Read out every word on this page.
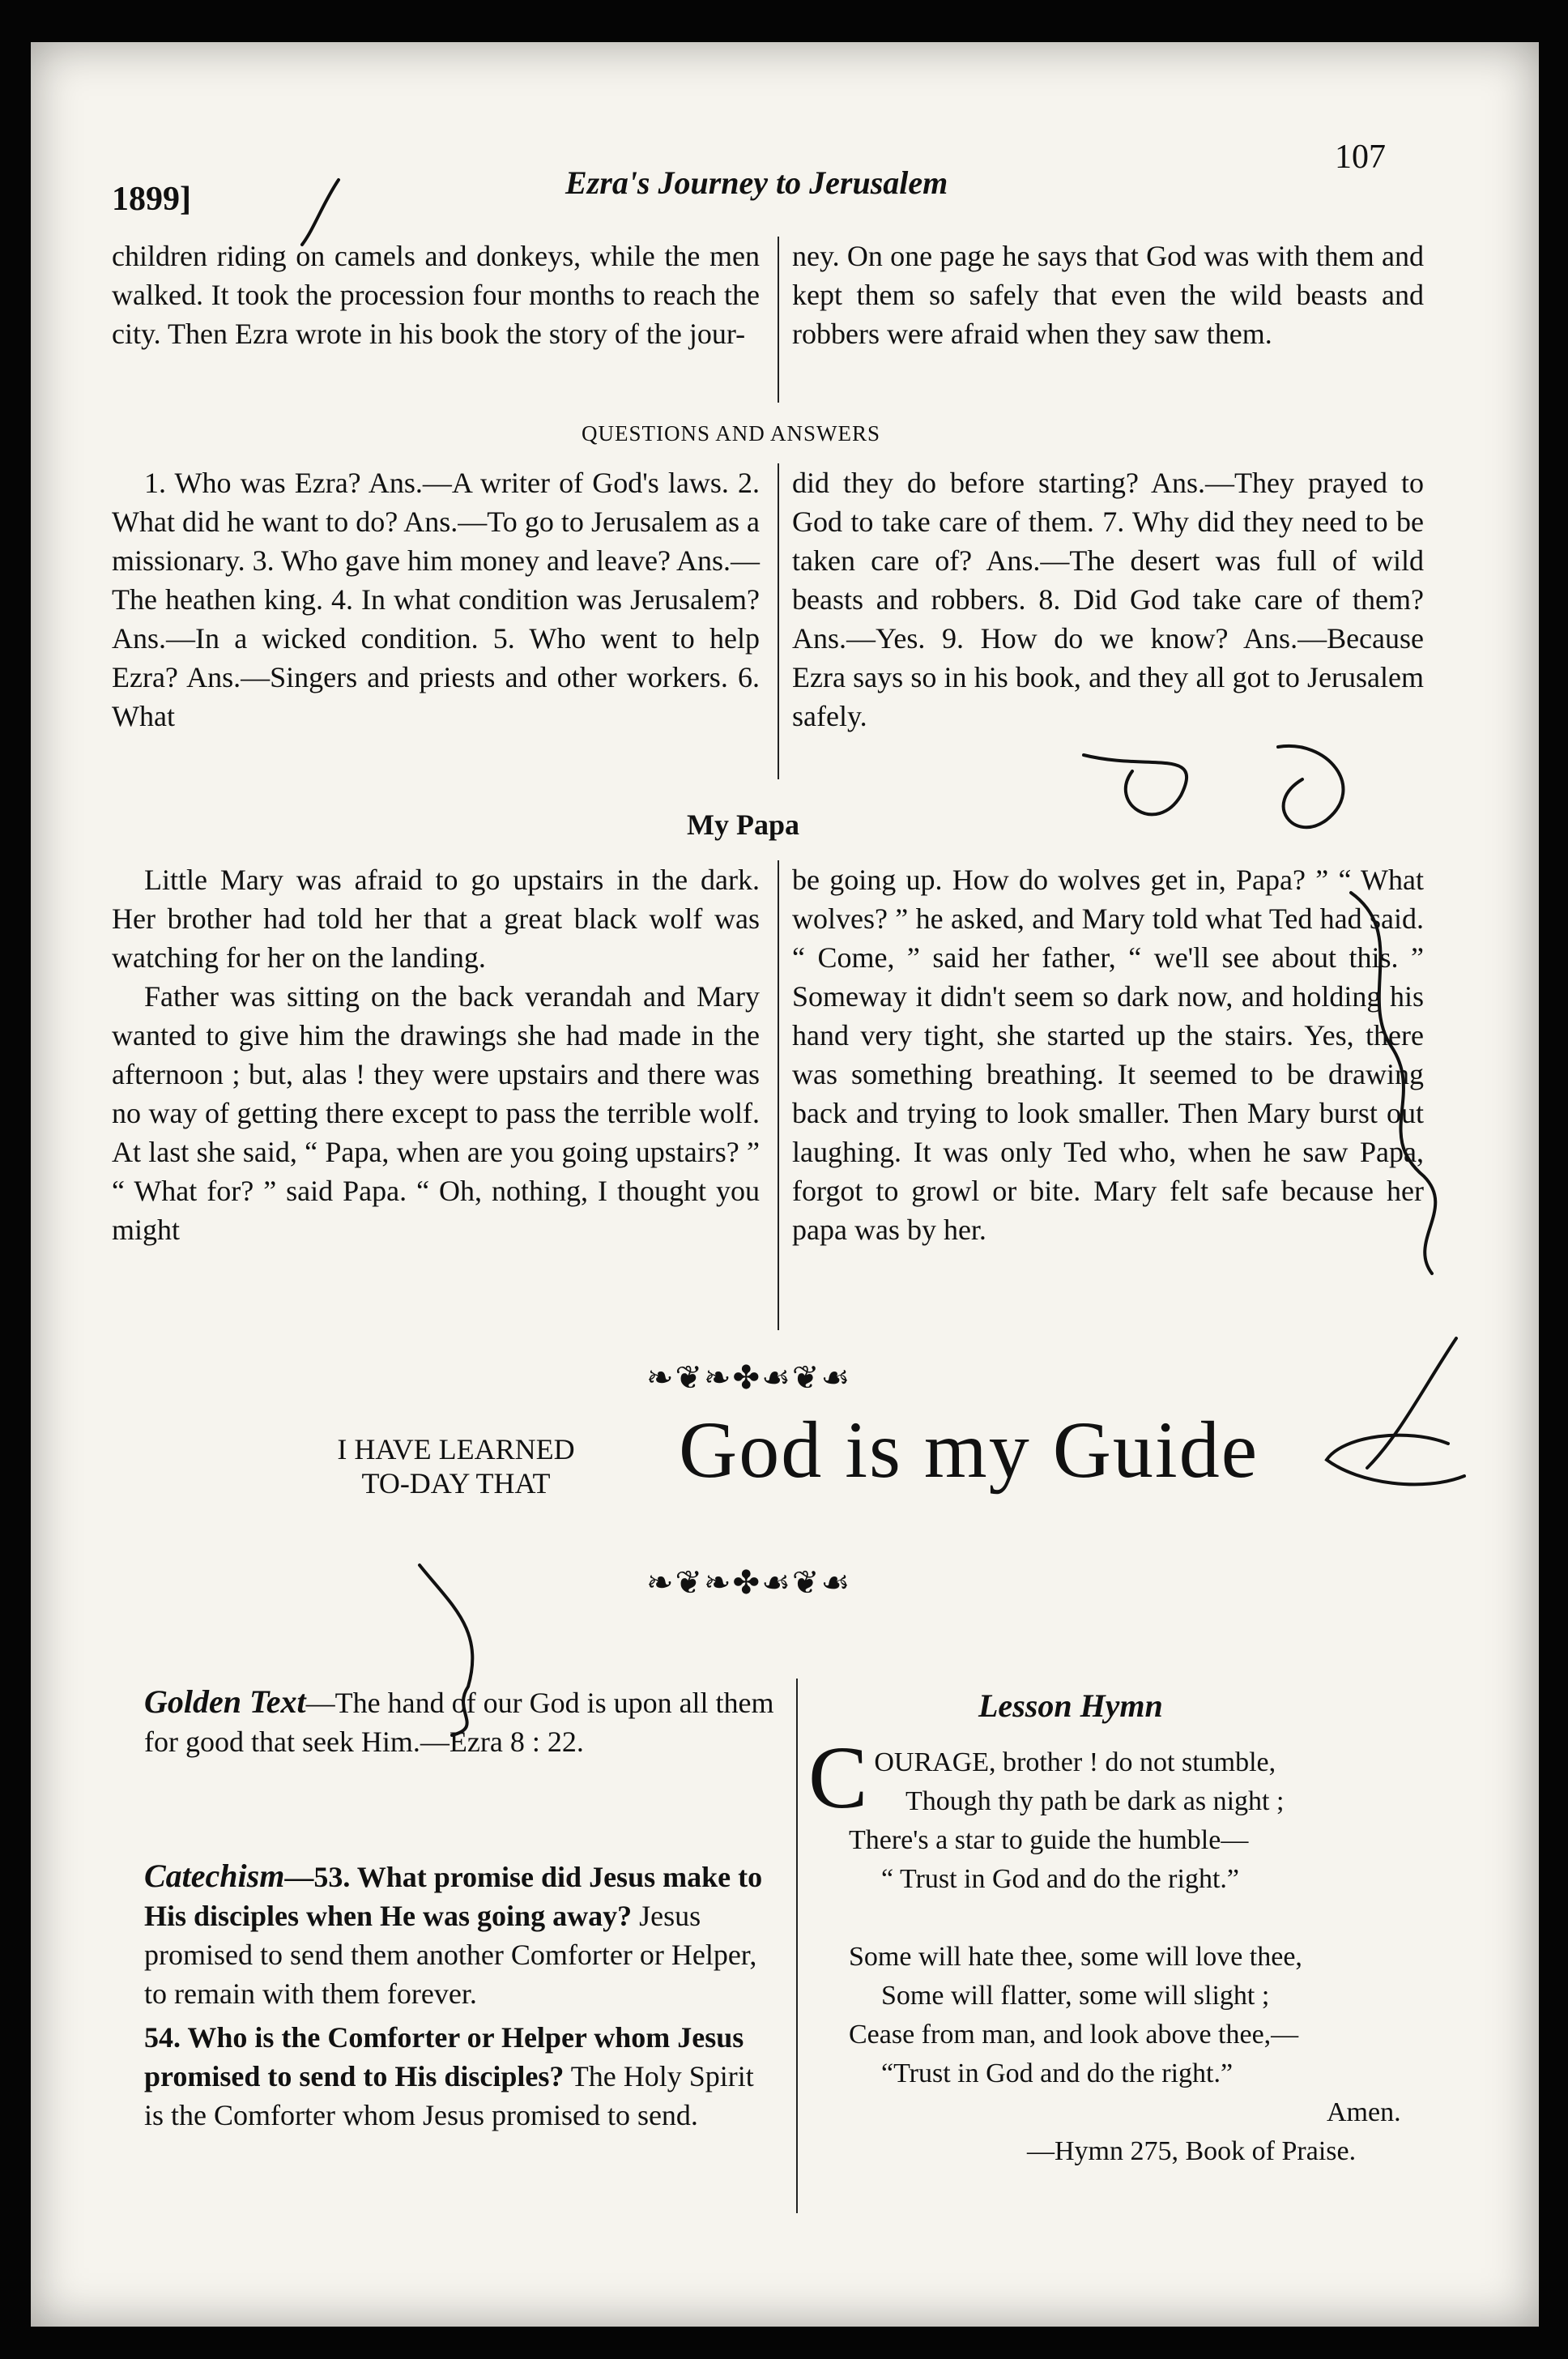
1899]	Ezra's Journey to Jerusalem
107

children riding on camels and donkeys, while the men walked. It took the procession four months to reach the city. Then Ezra wrote in his book the story of the jour-

ney. On one page he says that God was with them and kept them so safely that even the wild beasts and robbers were afraid when they saw them.

QUESTIONS AND ANSWERS

1. Who was Ezra? Ans.—A writer of God's laws. 2. What did he want to do? Ans.—To go to Jerusalem as a missionary. 3. Who gave him money and leave? Ans.—The heathen king. 4. In what condition was Jerusalem? Ans.—In a wicked condition. 5. Who went to help Ezra? Ans.—Singers and priests and other workers. 6. What

did they do before starting? Ans.—They prayed to God to take care of them. 7. Why did they need to be taken care of? Ans.—The desert was full of wild beasts and robbers. 8. Did God take care of them? Ans.—Yes. 9. How do we know? Ans.—Because Ezra says so in his book, and they all got to Jerusalem safely.

My Papa

Little Mary was afraid to go upstairs in the dark. Her brother had told her that a great black wolf was watching for her on the landing.

Father was sitting on the back verandah and Mary wanted to give him the drawings she had made in the afternoon ; but, alas ! they were upstairs and there was no way of getting there except to pass the terrible wolf. At last she said, “ Papa, when are you going upstairs? ” “ What for? ” said Papa. “ Oh, nothing, I thought you might

be going up. How do wolves get in, Papa? ” “ What wolves? ” he asked, and Mary told what Ted had said. “ Come, ” said her father, “ we'll see about this. ” Someway it didn't seem so dark now, and holding his hand very tight, she started up the stairs. Yes, there was something breathing. It seemed to be drawing back and trying to look smaller. Then Mary burst out laughing. It was only Ted who, when he saw Papa, forgot to growl or bite. Mary felt safe because her papa was by her.

❧❦❧✤☙❦☙
I HAVE LEARNED
TO-DAY THAT	God is my Guide
❧❦❧✤☙❦☙

Golden Text—The hand of our God is upon all them for good that seek Him.—Ezra 8 : 22.

Catechism—53. What promise did Jesus make to His disciples when He was going away? Jesus promised to send them another Comforter or Helper, to remain with them forever.

54. Who is the Comforter or Helper whom Jesus promised to send to His disciples? The Holy Spirit is the Comforter whom Jesus promised to send.

Lesson Hymn
COURAGE, brother ! do not stumble,
Though thy path be dark as night ;
There's a star to guide the humble—
“ Trust in God and do the right.”
Some will hate thee, some will love thee,
Some will flatter, some will slight ;
Cease from man, and look above thee,—
“Trust in God and do the right.”
Amen.
—Hymn 275, Book of Praise.
